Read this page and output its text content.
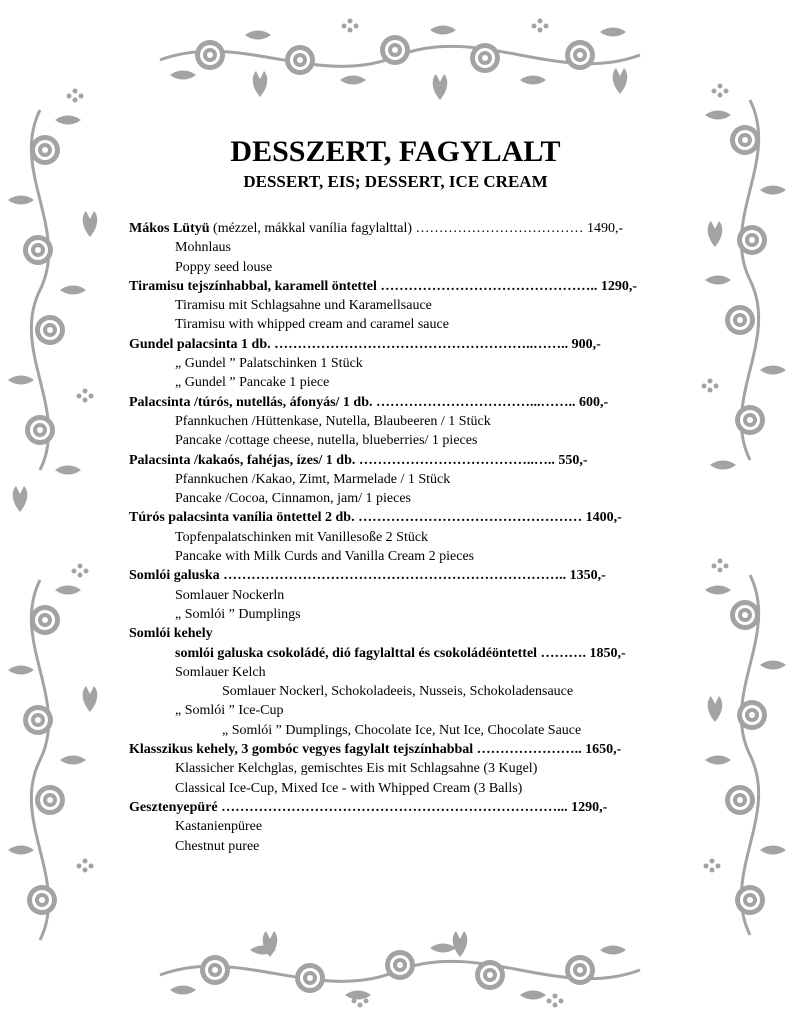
DESSZERT, FAGYLALT
DESSERT, EIS; DESSERT, ICE CREAM
Mákos Lütyü (mézzel, mákkal vanília fagylalttal) ……………………………… 1490,-
Mohnlaus
Poppy seed louse
Tiramisu tejszínhabbal, karamell öntettel ……………………………………….. 1290,-
Tiramisu mit Schlagsahne und Karamellsauce
Tiramisu with whipped cream and caramel sauce
Gundel palacsinta 1 db. ………………………………………………..…….. 900,-
„ Gundel ” Palatschinken 1 Stück
„ Gundel ” Pancake 1 piece
Palacsinta /túrós, nutellás, áfonyás/ 1 db. ……………………………...…….. 600,-
Pfannkuchen /Hüttenkase, Nutella, Blaubeeren / 1 Stück
Pancake /cottage cheese, nutella, blueberries/ 1 pieces
Palacsinta /kakaós, fahéjas, ízes/ 1 db. ………………………………..….. 550,-
Pfannkuchen /Kakao, Zimt, Marmelade / 1 Stück
Pancake /Cocoa, Cinnamon, jam/ 1 pieces
Túrós palacsinta vanília öntettel 2 db. ………………………………………… 1400,-
Topfenpalatschinken mit Vanillesoße 2 Stück
Pancake with Milk Curds and Vanilla Cream 2 pieces
Somlói galuska ……………………………………………………………….. 1350,-
Somlauer Nockerln
„ Somlói ” Dumplings
Somlói kehely
somlói galuska csokoládé, dió fagylalttal és csokoládéöntettel ………. 1850,-
Somlauer Kelch
Somlauer Nockerl, Schokoladeeis, Nusseis, Schokoladensauce
„ Somlói ” Ice-Cup
„ Somlói ” Dumplings, Chocolate Ice, Nut Ice, Chocolate Sauce
Klasszikus kehely, 3 gombóc vegyes fagylalt tejszínhabbal ………………….. 1650,-
Klassicher Kelchglas, gemischtes Eis mit Schlagsahne (3 Kugel)
Classical Ice-Cup, Mixed Ice - with Whipped Cream (3 Balls)
Gesztenyepüré ………………………………………………………………... 1290,-
Kastanienpüree
Chestnut puree
